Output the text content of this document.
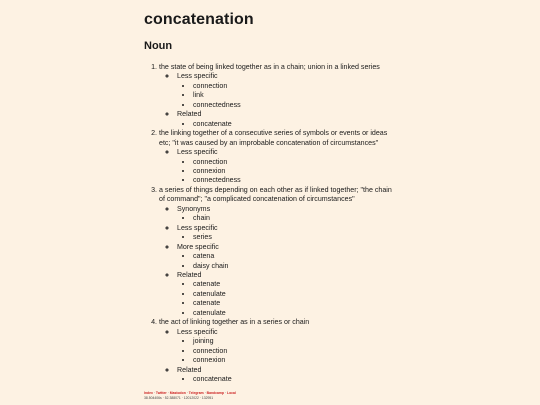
concatenation
Noun
1. the state of being linked together as in a chain; union in a linked series
◦ Less specific
• connection
• link
• connectedness
◦ Related
• concatenate
2. the linking together of a consecutive series of symbols or events or ideas etc; "it was caused by an improbable concatenation of circumstances"
◦ Less specific
• connection
• connexion
• connectedness
3. a series of things depending on each other as if linked together; "the chain of command"; "a complicated concatenation of circumstances"
◦ Synonyms
• chain
◦ Less specific
• series
◦ More specific
• catena
• daisy chain
◦ Related
• catenate
• catenulate
• catenate
• catenulate
4. the act of linking together as in a series or chain
◦ Less specific
• joining
• connection
• connexion
◦ Related
• concatenate
Index · Twitter · Mastodon · Telegram · Bandcamp · Local
38.504406s · 52.388071 · 12012022 · 132951
